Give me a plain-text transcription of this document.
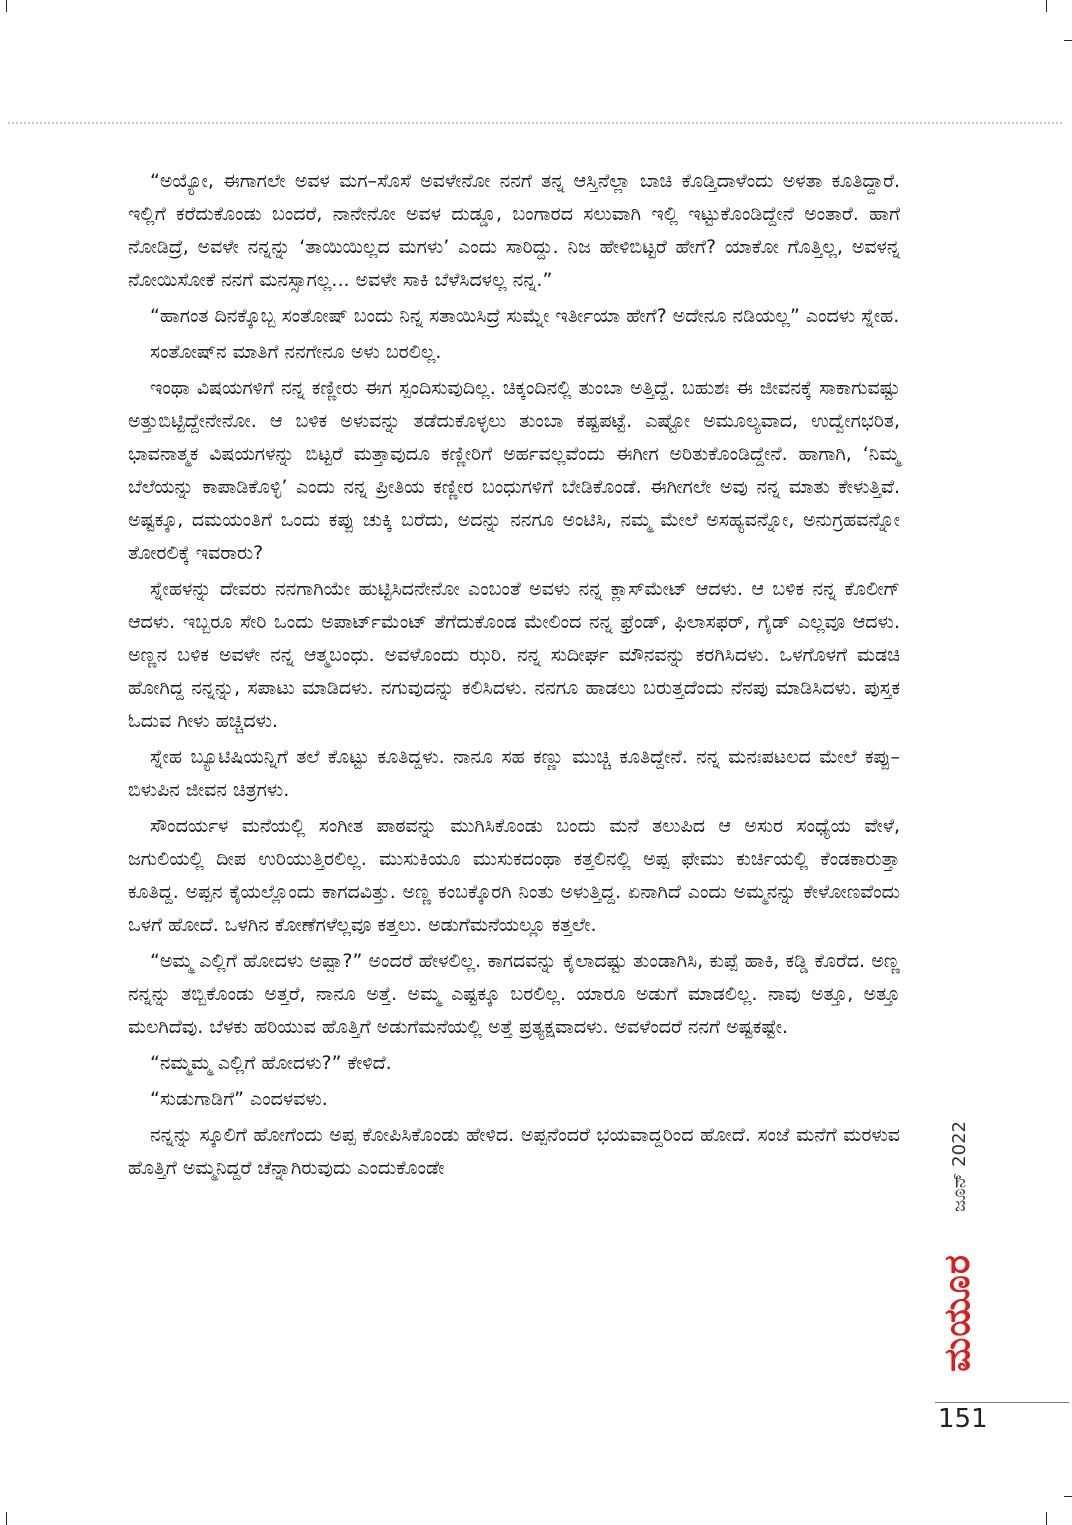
“ಅಯ್ಯೋ, ಈಗಾಗಲೇ ಅವಳ ಮಗ–ಸೊಸೆ ಅವಳೇನೋ ನನಗೆ ತನ್ನ ಆಸ್ತಿನೆಲ್ಲಾ ಬಾಚಿ ಕೊಡ್ತಿದಾಳೆಂದು ಅಳತಾ ಕೂತಿದ್ದಾರೆ. ಇಲ್ಲಿಗೆ ಕರೆದುಕೊಂಡು ಬಂದರೆ, ನಾನೇನೋ ಅವಳ ದುಡ್ಡೂ, ಬಂಗಾರದ ಸಲುವಾಗಿ ಇಲ್ಲಿ ಇಟ್ಟುಕೊಂಡಿದ್ದೇನೆ ಅಂತಾರೆ. ಹಾಗೆ ನೋಡಿದ್ರೆ, ಅವಳೇ ನನ್ನನ್ನು ‘ತಾಯಿಯಿಲ್ಲದ ಮಗಳು’ ಎಂದು ಸಾರಿದ್ದು. ನಿಜ ಹೇಳಿಬಿಟ್ಟರೆ ಹೇಗೆ? ಯಾಕೋ ಗೊತ್ತಿಲ್ಲ, ಅವಳನ್ನ ನೋಯಿಸೋಕೆ ನನಗೆ ಮನಸ್ಸಾಗಲ್ಲ... ಅವಳೇ ಸಾಕಿ ಬೆಳೆಸಿದಳಲ್ಲ ನನ್ನ.”

“ಹಾಗಂತ ದಿನಕ್ಕೊಬ್ಬ ಸಂತೋಷ್ ಬಂದು ನಿನ್ನ ಸತಾಯಿಸಿದ್ರೆ ಸುಮ್ನೇ ಇರ್ತೀಯಾ ಹೇಗೆ? ಅದೇನೂ ನಡಿಯಲ್ಲ” ಎಂದಳು ಸ್ನೇಹ.

ಸಂತೋಷ್‌ನ ಮಾತಿಗೆ ನನಗೇನೂ ಅಳು ಬರಲಿಲ್ಲ.

ಇಂಥಾ ವಿಷಯಗಳಿಗೆ ನನ್ನ ಕಣ್ಣೀರು ಈಗ ಸ್ಪಂದಿಸುವುದಿಲ್ಲ. ಚಿಕ್ಕಂದಿನಲ್ಲಿ ತುಂಬಾ ಅತ್ತಿದ್ದೆ. ಬಹುಶಃ ಈ ಜೀವನಕ್ಕೆ ಸಾಕಾಗುವಷ್ಟು ಅತ್ತುಬಿಟ್ಟಿದ್ದೇನೇನೋ. ಆ ಬಳಿಕ ಅಳುವನ್ನು ತಡೆದುಕೊಳ್ಳಲು ತುಂಬಾ ಕಷ್ಟಪಟ್ಟೆ. ಎಷ್ಟೋ ಅಮೂಲ್ಯವಾದ, ಉದ್ವೇಗಭರಿತ, ಭಾವನಾತ್ಮಕ ವಿಷಯಗಳನ್ನು ಬಿಟ್ಟರೆ ಮತ್ತಾವುದೂ ಕಣ್ಣೀರಿಗೆ ಅರ್ಹವಲ್ಲವೆಂದು ಈಗೀಗ ಅರಿತುಕೊಂಡಿದ್ದೇನೆ. ಹಾಗಾಗಿ, ‘ನಿಮ್ಮ ಬೆಲೆಯನ್ನು ಕಾಪಾಡಿಕೊಳ್ಳಿ’ ಎಂದು ನನ್ನ ಪ್ರೀತಿಯ ಕಣ್ಣೀರ ಬಂಧುಗಳಿಗೆ ಬೇಡಿಕೊಂಡೆ. ಈಗೀಗಲೇ ಅವು ನನ್ನ ಮಾತು ಕೇಳುತ್ತಿವೆ. ಅಷ್ಟಕ್ಕೂ, ದಮಯಂತಿಗೆ ಒಂದು ಕಪ್ಪು ಚುಕ್ಕಿ ಬರೆದು, ಅದನ್ನು ನನಗೂ ಅಂಟಿಸಿ, ನಮ್ಮ ಮೇಲೆ ಅಸಹ್ಯವನ್ನೋ, ಅನುಗ್ರಹವನ್ನೋ ತೋರಲಿಕ್ಕೆ ಇವರಾರು?

ಸ್ನೇಹಳನ್ನು ದೇವರು ನನಗಾಗಿಯೇ ಹುಟ್ಟಿಸಿದನೇನೋ ಎಂಬಂತೆ ಅವಳು ನನ್ನ ಕ್ಲಾಸ್‌ಮೇಟ್ ಆದಳು. ಆ ಬಳಿಕ ನನ್ನ ಕೊಲೀಗ್ ಆದಳು. ಇಬ್ಬರೂ ಸೇರಿ ಒಂದು ಅಪಾರ್ಟ್‌ಮೆಂಟ್ ತೆಗೆದುಕೊಂಡ ಮೇಲಿಂದ ನನ್ನ ಫ್ರೆಂಡ್, ಫಿಲಾಸಫರ್, ಗೈಡ್ ಎಲ್ಲವೂ ಆದಳು. ಅಣ್ಣನ ಬಳಿಕ ಅವಳೇ ನನ್ನ ಆತ್ಮಬಂಧು. ಅವಳೊಂದು ಝರಿ. ನನ್ನ ಸುದೀರ್ಘ ಮೌನವನ್ನು ಕರಗಿಸಿದಳು. ಒಳಗೊಳಗೆ ಮಡಚಿ ಹೋಗಿದ್ದ ನನ್ನನ್ನು, ಸಪಾಟು ಮಾಡಿದಳು. ನಗುವುದನ್ನು ಕಲಿಸಿದಳು. ನನಗೂ ಹಾಡಲು ಬರುತ್ತದೆಂದು ನೆನಪು ಮಾಡಿಸಿದಳು. ಪುಸ್ತಕ ಓದುವ ಗೀಳು ಹಚ್ಚಿದಳು.

ಸ್ನೇಹ ಬ್ಯೂಟಿಷಿಯನ್ನಿಗೆ ತಲೆ ಕೊಟ್ಟು ಕೂತಿದ್ದಳು. ನಾನೂ ಸಹ ಕಣ್ಣು ಮುಚ್ಚಿ ಕೂತಿದ್ದೇನೆ. ನನ್ನ ಮನಃಪಟಲದ ಮೇಲೆ ಕಪ್ಪು–ಬಿಳುಪಿನ ಜೀವನ ಚಿತ್ರಗಳು.

ಸೌಂದರ್ಯಳ ಮನೆಯಲ್ಲಿ ಸಂಗೀತ ಪಾಠವನ್ನು ಮುಗಿಸಿಕೊಂಡು ಬಂದು ಮನೆ ತಲುಪಿದ ಆ ಅಸುರ ಸಂಧ್ಯೆಯ ವೇಳೆ, ಜಗುಲಿಯಲ್ಲಿ ದೀಪ ಉರಿಯುತ್ತಿರಲಿಲ್ಲ. ಮುಸುಕಿಯೂ ಮುಸುಕದಂಥಾ ಕತ್ತಲಿನಲ್ಲಿ ಅಪ್ಪ ಫೇಮು ಕುರ್ಚಿಯಲ್ಲಿ ಕೆಂಡಕಾರುತ್ತಾ ಕೂತಿದ್ದ. ಅಪ್ಪನ ಕೈಯಲ್ಲೊಂದು ಕಾಗದವಿತ್ತು. ಅಣ್ಣ ಕಂಬಕ್ಕೊರಗಿ ನಿಂತು ಅಳುತ್ತಿದ್ದ. ಏನಾಗಿದೆ ಎಂದು ಅಮ್ಮನನ್ನು ಕೇಳೋಣವೆಂದು ಒಳಗೆ ಹೋದೆ. ಒಳಗಿನ ಕೋಣೆಗಳೆಲ್ಲವೂ ಕತ್ತಲು. ಅಡುಗೆಮನೆಯಲ್ಲೂ ಕತ್ತಲೇ.

“ಅಮ್ಮ ಎಲ್ಲಿಗೆ ಹೋದಳು ಅಪ್ಪಾ?” ಅಂದರೆ ಹೇಳಲಿಲ್ಲ. ಕಾಗದವನ್ನು ಕೈಲಾದಷ್ಟು ತುಂಡಾಗಿಸಿ, ಕುಪ್ಪೆ ಹಾಕಿ, ಕಡ್ಡಿ ಕೊರೆದ. ಅಣ್ಣ ನನ್ನನ್ನು ತಬ್ಬಿಕೊಂಡು ಅತ್ತರೆ, ನಾನೂ ಅತ್ತೆ. ಅಮ್ಮ ಎಷ್ಟಕ್ಕೂ ಬರಲಿಲ್ಲ. ಯಾರೂ ಅಡುಗೆ ಮಾಡಲಿಲ್ಲ. ನಾವು ಅತ್ತೂ, ಅತ್ತೂ ಮಲಗಿದೆವು. ಬೆಳಕು ಹರಿಯುವ ಹೊತ್ತಿಗೆ ಅಡುಗೆಮನೆಯಲ್ಲಿ ಅತ್ತೆ ಪ್ರತ್ಯಕ್ಷವಾದಳು. ಅವಳೆಂದರೆ ನನಗೆ ಅಷ್ಟಕಷ್ಟೇ.

“ನಮ್ಮಮ್ಮ ಎಲ್ಲಿಗೆ ಹೋದಳು?” ಕೇಳಿದೆ.

“ಸುಡುಗಾಡಿಗೆ” ಎಂದಳವಳು.

ನನ್ನನ್ನು ಸ್ಕೂಲಿಗೆ ಹೋಗೆಂದು ಅಪ್ಪ ಕೋಪಿಸಿಕೊಂಡು ಹೇಳಿದ. ಅಪ್ಪನೆಂದರೆ ಭಯವಾದ್ದರಿಂದ ಹೋದೆ. ಸಂಜೆ ಮನೆಗೆ ಮರಳುವ ಹೊತ್ತಿಗೆ ಅಮ್ಮನಿದ್ದರೆ ಚೆನ್ನಾಗಿರುವುದು ಎಂದುಕೊಂಡೇ	ಜೂನ್ 2022
ಮಯೂರ
151
